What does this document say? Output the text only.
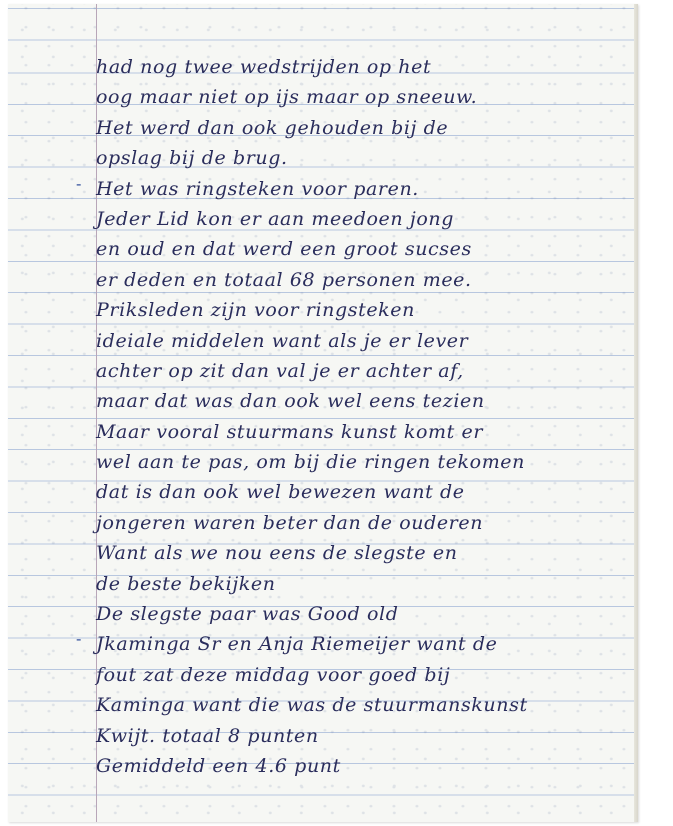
had nog twee wedstrijden op het
oog maar niet op ijs maar op sneeuw.
Het werd dan ook gehouden bij de
opslag bij de brug.
- Het was ringsteken voor paren.
Jeder Lid kon er aan meedoen jong
en oud en dat werd een groot sucses
er deden en totaal 68 personen mee.
Priksleden zijn voor ringsteken
ideiale middelen want als je er lever
achter op zit dan val je er achter af,
maar dat was dan ook wel eens tezien
Maar vooral stuurmans kunst komt er
wel aan te pas, om bij die ringen tekomen
dat is dan ook wel bewezen want de
jongeren waren beter dan de ouderen
Want als we nou eens de slegste en
de beste bekijken
De slegste paar was Good old
- Jkaminga Sr en Anja Riemeijer want de
fout zat deze middag voor goed bij
Kaminga want die was de stuurmanskunst
Kwijt. totaal 8 punten
Gemiddeld een 4.6 punt
